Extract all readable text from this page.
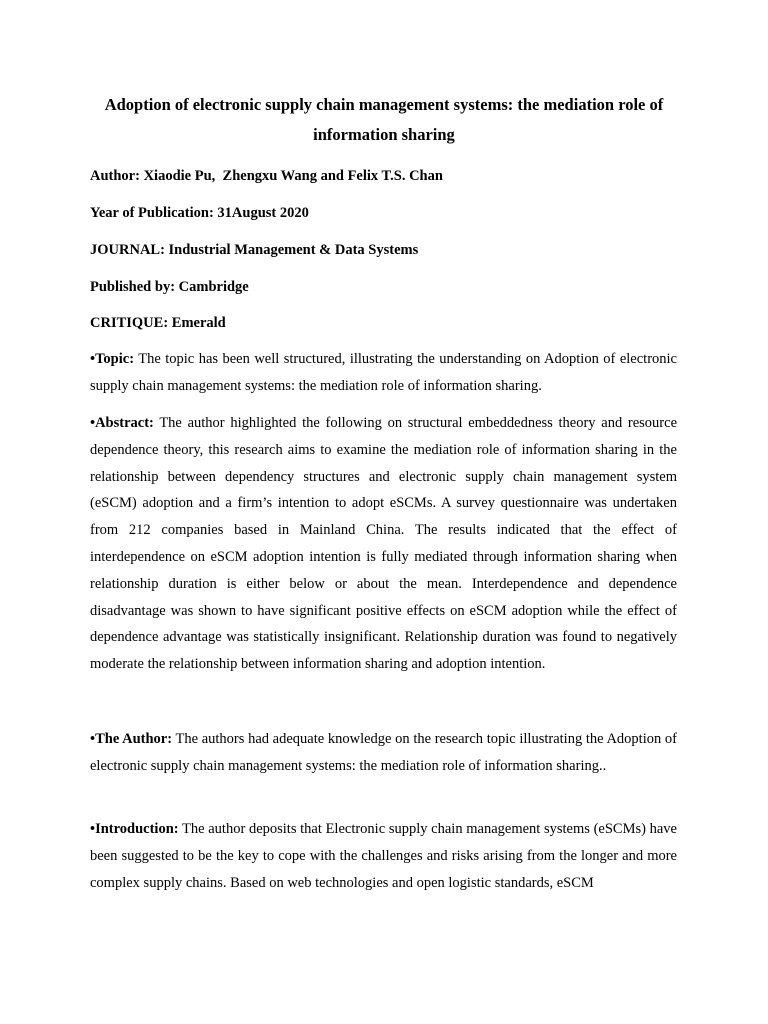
Adoption of electronic supply chain management systems: the mediation role of information sharing

Author: Xiaodie Pu,  Zhengxu Wang and Felix T.S. Chan

Year of Publication: 31August 2020

JOURNAL: Industrial Management & Data Systems

Published by: Cambridge

CRITIQUE: Emerald

•Topic: The topic has been well structured, illustrating the understanding on Adoption of electronic supply chain management systems: the mediation role of information sharing.

•Abstract: The author highlighted the following on structural embeddedness theory and resource dependence theory, this research aims to examine the mediation role of information sharing in the relationship between dependency structures and electronic supply chain management system (eSCM) adoption and a firm’s intention to adopt eSCMs. A survey questionnaire was undertaken from 212 companies based in Mainland China. The results indicated that the effect of interdependence on eSCM adoption intention is fully mediated through information sharing when relationship duration is either below or about the mean. Interdependence and dependence disadvantage was shown to have significant positive effects on eSCM adoption while the effect of dependence advantage was statistically insignificant. Relationship duration was found to negatively moderate the relationship between information sharing and adoption intention.

•The Author: The authors had adequate knowledge on the research topic illustrating the Adoption of electronic supply chain management systems: the mediation role of information sharing..

•Introduction: The author deposits that Electronic supply chain management systems (eSCMs) have been suggested to be the key to cope with the challenges and risks arising from the longer and more complex supply chains. Based on web technologies and open logistic standards, eSCM
